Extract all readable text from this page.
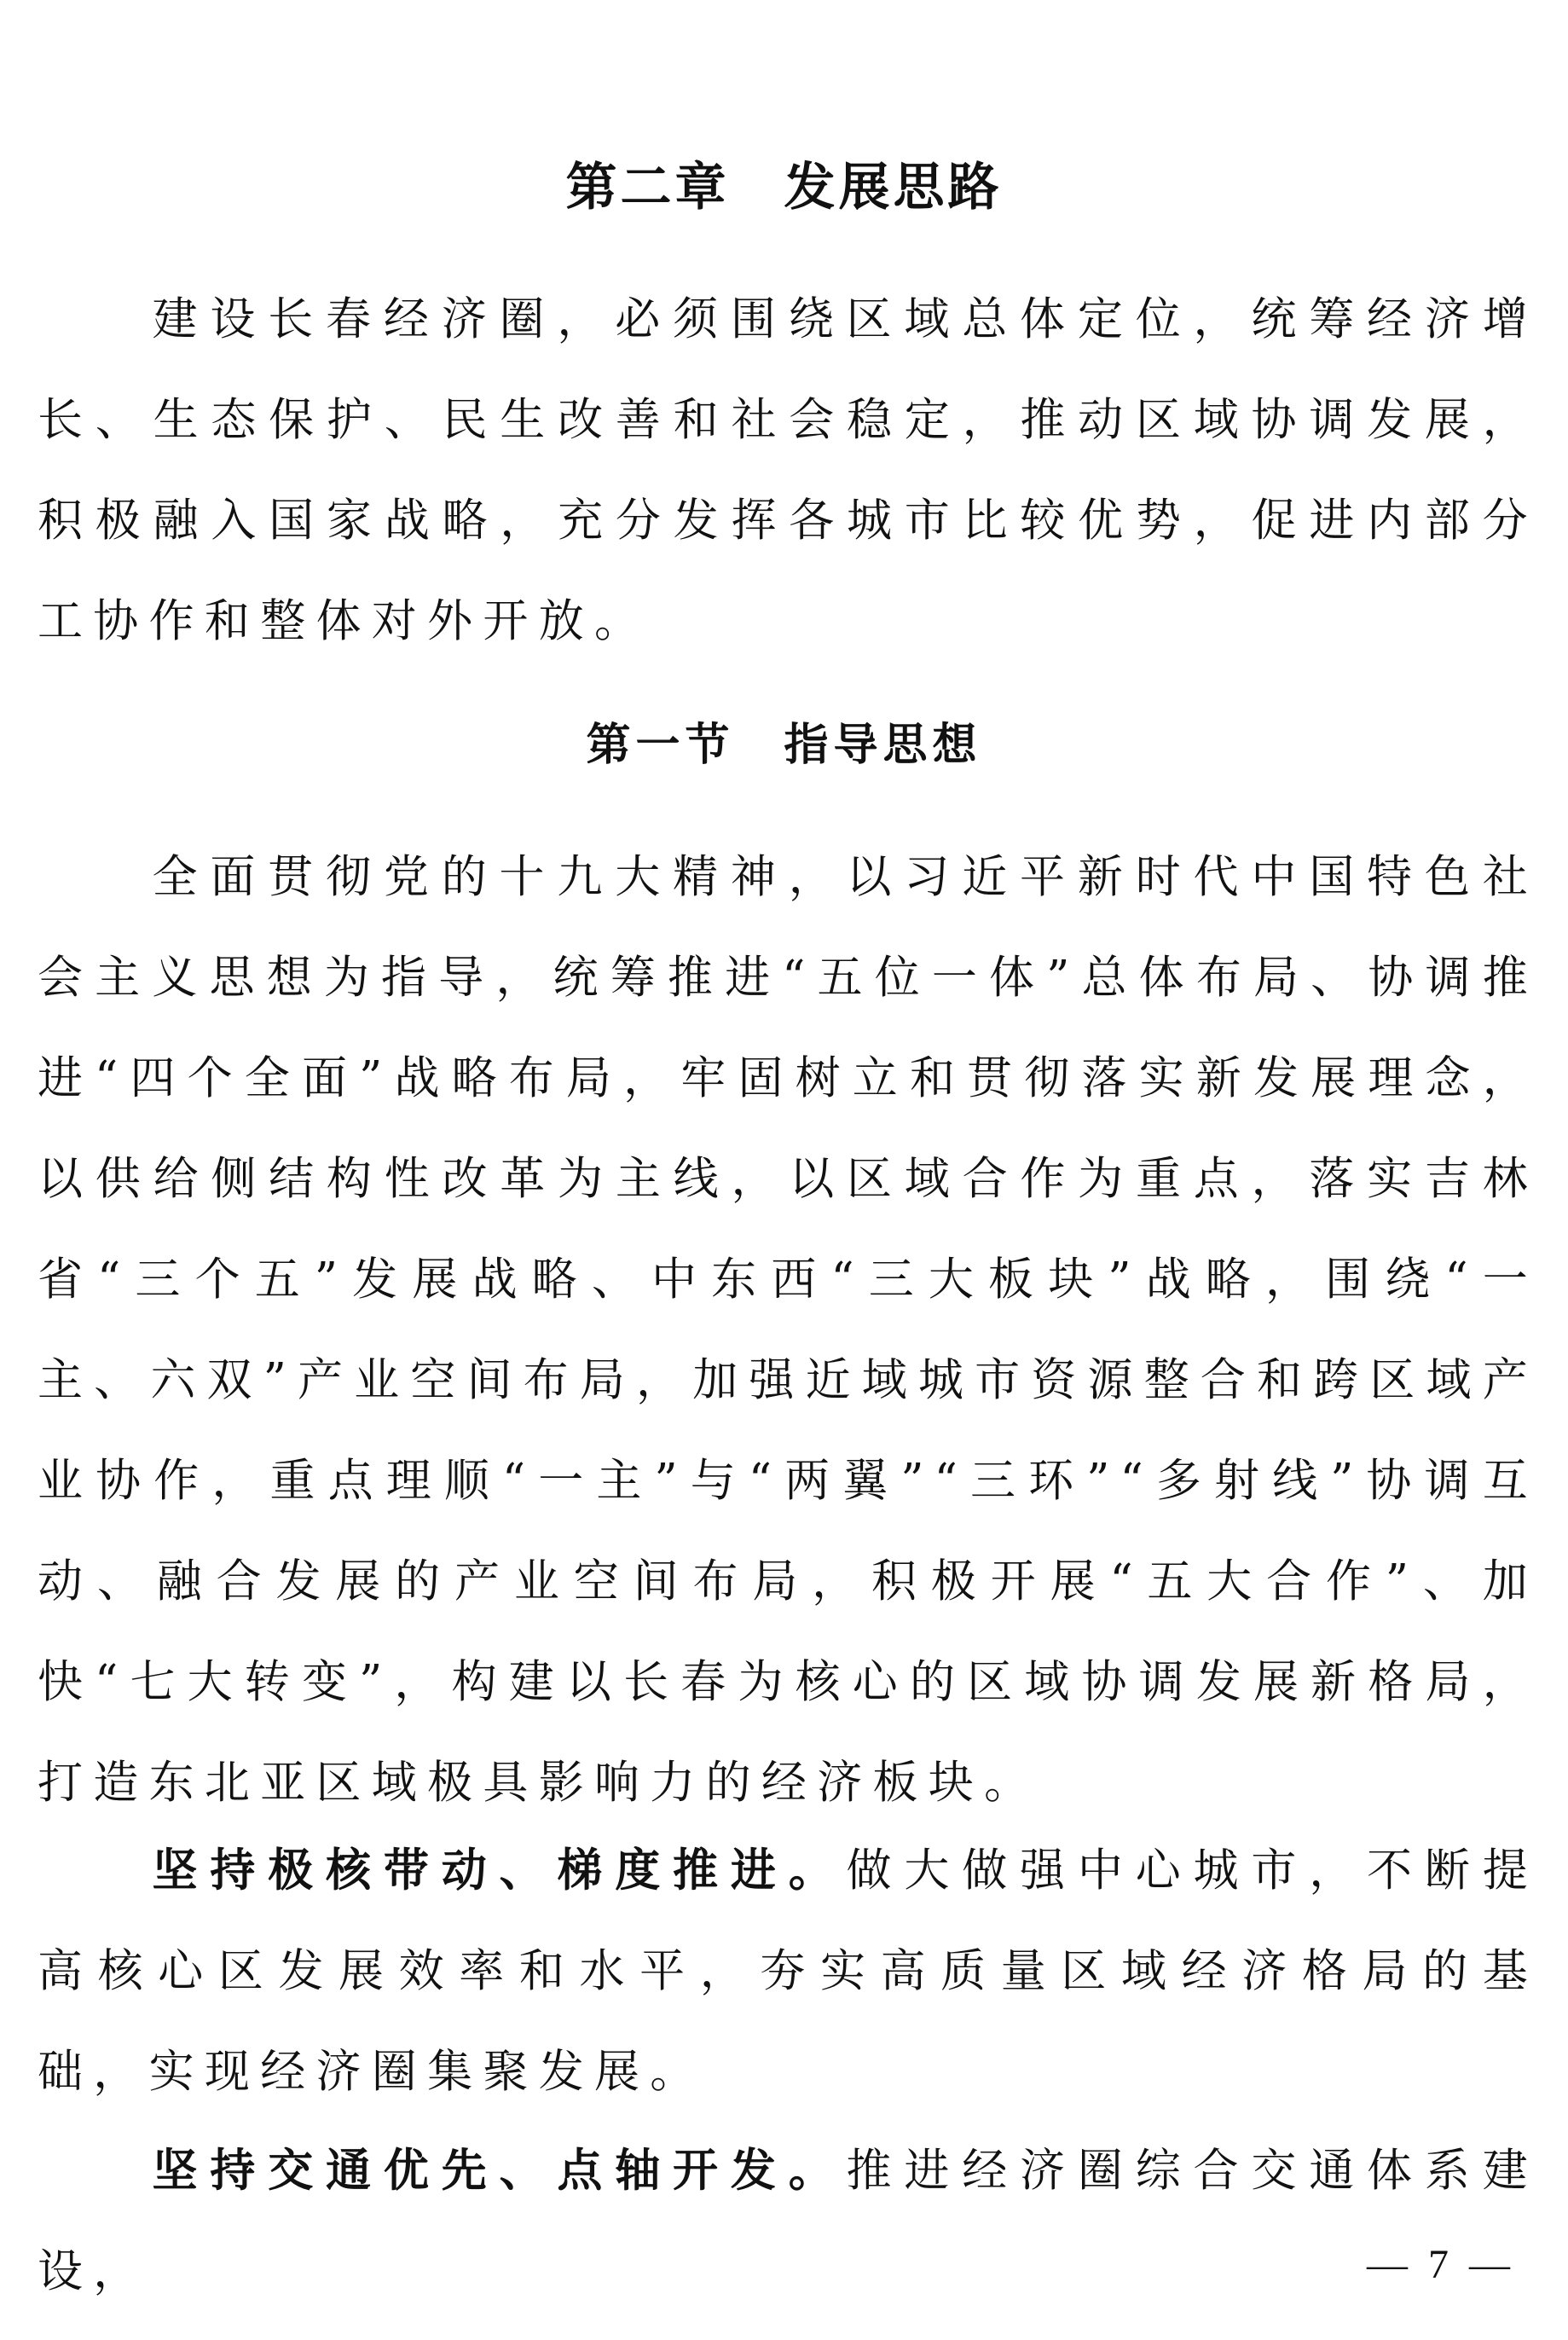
第二章　发展思路

建设长春经济圈，必须围绕区域总体定位，统筹经济增长、生态保护、民生改善和社会稳定，推动区域协调发展，积极融入国家战略，充分发挥各城市比较优势，促进内部分工协作和整体对外开放。

第一节　指导思想

全面贯彻党的十九大精神，以习近平新时代中国特色社会主义思想为指导，统筹推进“五位一体”总体布局、协调推进“四个全面”战略布局，牢固树立和贯彻落实新发展理念，以供给侧结构性改革为主线，以区域合作为重点，落实吉林省“三个五”发展战略、中东西“三大板块”战略，围绕“一主、六双”产业空间布局，加强近域城市资源整合和跨区域产业协作，重点理顺“一主”与“两翼”“三环”“多射线”协调互动、融合发展的产业空间布局，积极开展“五大合作”、加快“七大转变”，构建以长春为核心的区域协调发展新格局，打造东北亚区域极具影响力的经济板块。

坚持极核带动、梯度推进。做大做强中心城市，不断提高核心区发展效率和水平，夯实高质量区域经济格局的基础，实现经济圈集聚发展。

坚持交通优先、点轴开发。推进经济圈综合交通体系建设，	— 7 —
